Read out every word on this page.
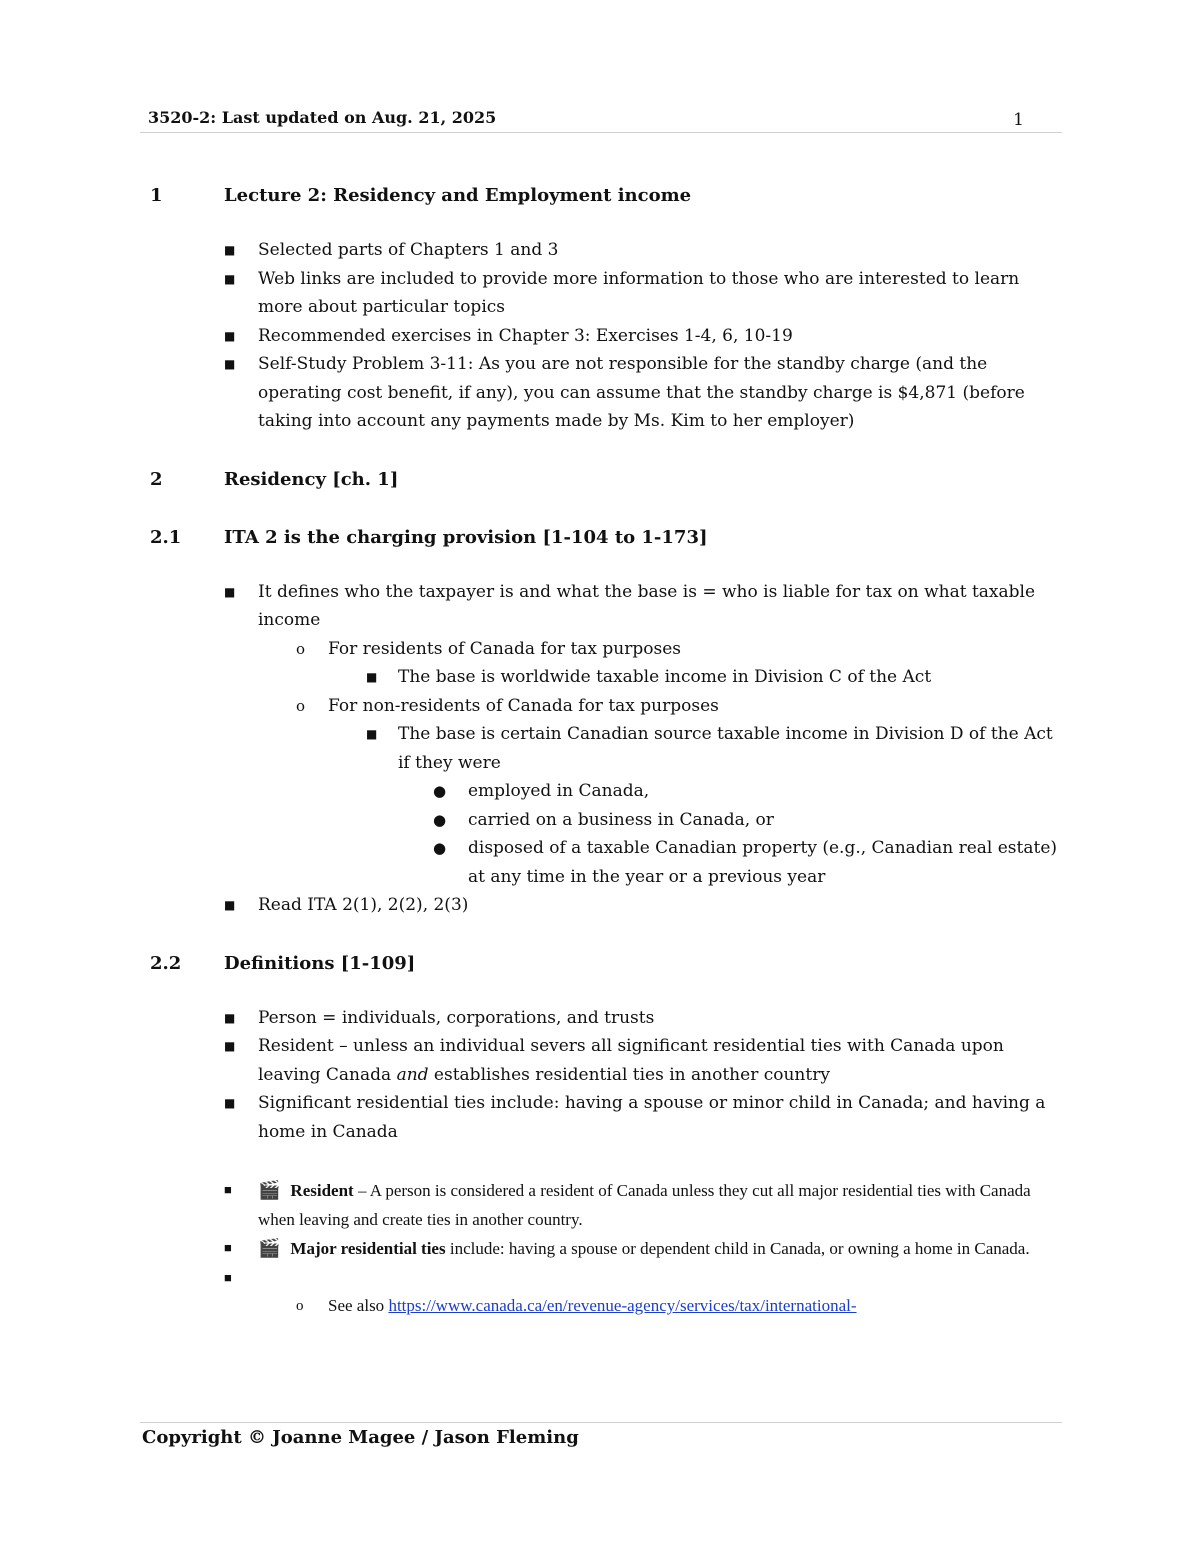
3520-2: Last updated on Aug. 21, 2025	1
1	Lecture 2: Residency and Employment income
■ Selected parts of Chapters 1 and 3
■ Web links are included to provide more information to those who are interested to learn more about particular topics
■ Recommended exercises in Chapter 3: Exercises 1-4, 6, 10-19
■ Self-Study Problem 3-11: As you are not responsible for the standby charge (and the operating cost benefit, if any), you can assume that the standby charge is $4,871 (before taking into account any payments made by Ms. Kim to her employer)
2	Residency [ch. 1]
2.1 ITA 2 is the charging provision [1-104 to 1-173]
■ It defines who the taxpayer is and what the base is = who is liable for tax on what taxable income
o For residents of Canada for tax purposes
■ The base is worldwide taxable income in Division C of the Act
o For non-residents of Canada for tax purposes
■ The base is certain Canadian source taxable income in Division D of the Act if they were
● employed in Canada,
● carried on a business in Canada, or
● disposed of a taxable Canadian property (e.g., Canadian real estate) at any time in the year or a previous year
■ Read ITA 2(1), 2(2), 2(3)
2.2 Definitions [1-109]
■ Person = individuals, corporations, and trusts
■ Resident – unless an individual severs all significant residential ties with Canada upon leaving Canada and establishes residential ties in another country
■ Significant residential ties include: having a spouse or minor child in Canada; and having a home in Canada
■ 🎬 Resident – A person is considered a resident of Canada unless they cut all major residential ties with Canada when leaving and create ties in another country.
■ 🎬 Major residential ties include: having a spouse or dependent child in Canada, or owning a home in Canada.
■

o See also https://www.canada.ca/en/revenue-agency/services/tax/international-
Copyright © Joanne Magee / Jason Fleming
